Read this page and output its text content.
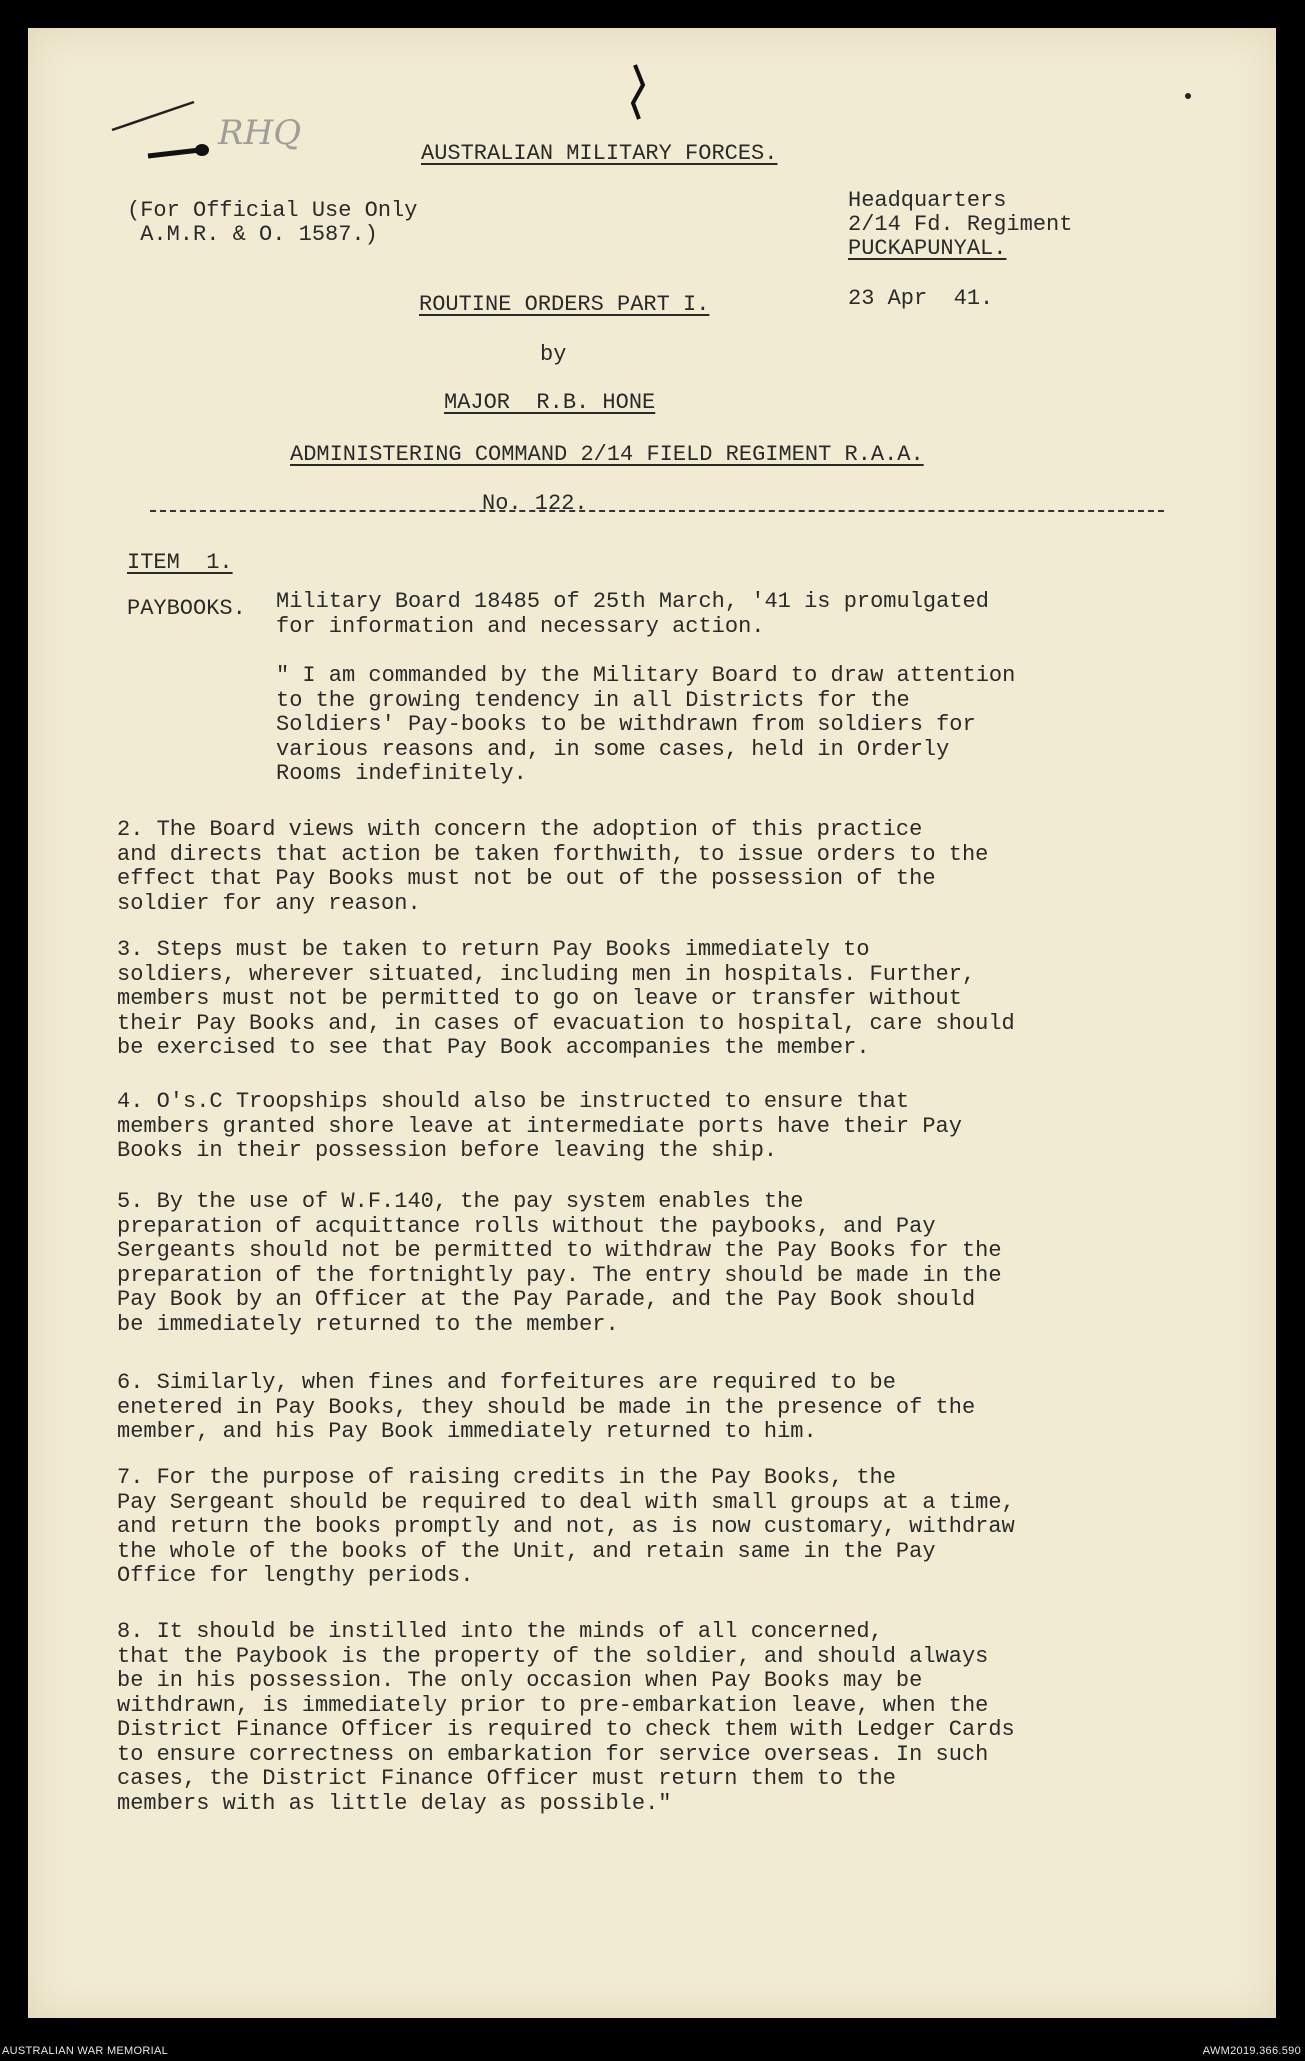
RHQ
AUSTRALIAN MILITARY FORCES.
(For Official Use Only
A.M.R. & O. 1587.)
Headquarters
2/14 Fd. Regiment
PUCKAPUNYAL.
ROUTINE ORDERS PART I.	23 Apr  41.
by
MAJOR  R.B. HONE
ADMINISTERING COMMAND 2/14 FIELD REGIMENT R.A.A.
No. 122.
ITEM  1.
PAYBOOKS. Military Board 18485 of 25th March, '41 is promulgated
for information and necessary action.
" I am commanded by the Military Board to draw attention
to the growing tendency in all Districts for the
Soldiers' Pay-books to be withdrawn from soldiers for
various reasons and, in some cases, held in Orderly
Rooms indefinitely.
2. The Board views with concern the adoption of this practice
and directs that action be taken forthwith, to issue orders to the
effect that Pay Books must not be out of the possession of the
soldier for any reason.
3. Steps must be taken to return Pay Books immediately to
soldiers, wherever situated, including men in hospitals. Further,
members must not be permitted to go on leave or transfer without
their Pay Books and, in cases of evacuation to hospital, care should
be exercised to see that Pay Book accompanies the member.
4. O's.C Troopships should also be instructed to ensure that
members granted shore leave at intermediate ports have their Pay
Books in their possession before leaving the ship.
5. By the use of W.F.140, the pay system enables the
preparation of acquittance rolls without the paybooks, and Pay
Sergeants should not be permitted to withdraw the Pay Books for the
preparation of the fortnightly pay. The entry should be made in the
Pay Book by an Officer at the Pay Parade, and the Pay Book should
be immediately returned to the member.
6. Similarly, when fines and forfeitures are required to be
enetered in Pay Books, they should be made in the presence of the
member, and his Pay Book immediately returned to him.
7. For the purpose of raising credits in the Pay Books, the
Pay Sergeant should be required to deal with small groups at a time,
and return the books promptly and not, as is now customary, withdraw
the whole of the books of the Unit, and retain same in the Pay
Office for lengthy periods.
8. It should be instilled into the minds of all concerned,
that the Paybook is the property of the soldier, and should always
be in his possession. The only occasion when Pay Books may be
withdrawn, is immediately prior to pre-embarkation leave, when the
District Finance Officer is required to check them with Ledger Cards
to ensure correctness on embarkation for service overseas. In such
cases, the District Finance Officer must return them to the
members with as little delay as possible."
AUSTRALIAN WAR MEMORIAL	AWM2019.366.590
